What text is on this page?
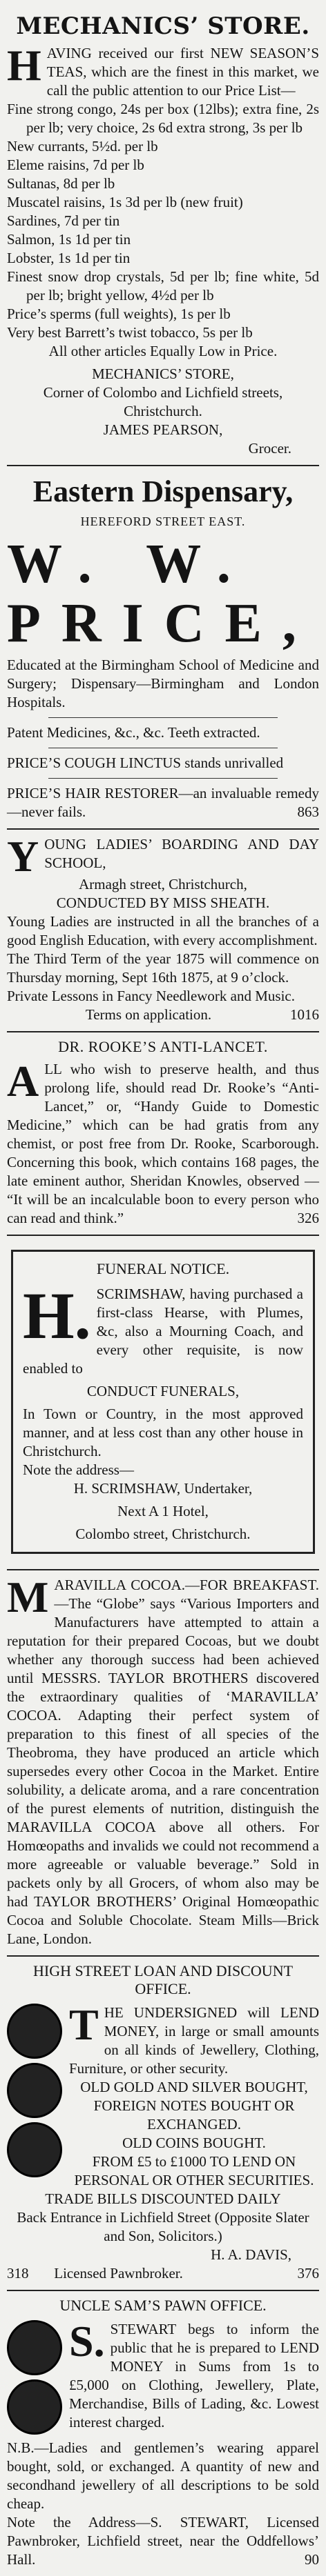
MECHANICS’ STORE.

HAVING received our first NEW SEASON’S TEAS, which are the finest in this market, we call the public attention to our Price List—

Fine strong congo, 24s per box (12lbs); extra fine, 2s per lb; very choice, 2s 6d extra strong, 3s per lb

New currants, 5½d. per lb

Eleme raisins, 7d per lb

Sultanas, 8d per lb

Muscatel raisins, 1s 3d per lb (new fruit)

Sardines, 7d per tin

Salmon, 1s 1d per tin

Lobster, 1s 1d per tin

Finest snow drop crystals, 5d per lb; fine white, 5d per lb; bright yellow, 4½d per lb

Price’s sperms (full weights), 1s per lb

Very best Barrett’s twist tobacco, 5s per lb

All other articles Equally Low in Price.

MECHANICS’ STORE,

Corner of Colombo and Lichfield streets, Christchurch.

JAMES PEARSON,

Grocer.

Eastern Dispensary,
HEREFORD STREET EAST.
W. W. PRICE,

Educated at the Birmingham School of Medicine and Surgery; Dispensary—Birmingham and London Hospitals.

Patent Medicines, &c., &c. Teeth extracted.

PRICE’S COUGH LINCTUS stands unrivalled

PRICE’S HAIR RESTORER—an invaluable remedy—never fails.	863

YOUNG LADIES’ BOARDING AND DAY SCHOOL,

Armagh street, Christchurch,

CONDUCTED BY MISS SHEATH.

Young Ladies are instructed in all the branches of a good English Education, with every accomplishment.

The Third Term of the year 1875 will commence on Thursday morning, Sept 16th 1875, at 9 o’clock.

Private Lessons in Fancy Needlework and Music.

Terms on application.	1016

DR. ROOKE’S ANTI-LANCET.

ALL who wish to preserve health, and thus prolong life, should read Dr. Rooke’s “Anti-Lancet,” or, “Handy Guide to Domestic Medicine,” which can be had gratis from any chemist, or post free from Dr. Rooke, Scarborough. Concerning this book, which contains 168 pages, the late eminent author, Sheridan Knowles, observed — “It will be an incalculable boon to every person who can read and think.”	326

FUNERAL NOTICE.

H. SCRIMSHAW, having purchased a first-class Hearse, with Plumes, &c, also a Mourning Coach, and every other requisite, is now enabled to

CONDUCT FUNERALS,

In Town or Country, in the most approved manner, and at less cost than any other house in Christchurch.

Note the address—

H. SCRIMSHAW, Undertaker,

Next A 1 Hotel,

Colombo street, Christchurch.

MARAVILLA COCOA.—FOR BREAKFAST.—The “Globe” says “Various Importers and Manufacturers have attempted to attain a reputation for their prepared Cocoas, but we doubt whether any thorough success had been achieved until MESSRS. TAYLOR BROTHERS discovered the extraordinary qualities of ‘MARAVILLA’ COCOA. Adapting their perfect system of preparation to this finest of all species of the Theobroma, they have produced an article which supersedes every other Cocoa in the Market. Entire solubility, a delicate aroma, and a rare concentration of the purest elements of nutrition, distinguish the MARAVILLA COCOA above all others. For Homœopaths and invalids we could not recommend a more agreeable or valuable beverage.” Sold in packets only by all Grocers, of whom also may be had TAYLOR BROTHERS’ Original Homœopathic Cocoa and Soluble Chocolate. Steam Mills—Brick Lane, London.

HIGH STREET LOAN AND DISCOUNT OFFICE.

THE UNDERSIGNED will LEND MONEY, in large or small amounts on all kinds of Jewellery, Clothing, Furniture, or other security.

OLD GOLD AND SILVER BOUGHT, FOREIGN NOTES BOUGHT OR EXCHANGED.

OLD COINS BOUGHT.

FROM £5 to £1000 TO LEND ON PERSONAL OR OTHER SECURITIES.

TRADE BILLS DISCOUNTED DAILY

Back Entrance in Lichfield Street (Opposite Slater and Son, Solicitors.)

H. A. DAVIS,

318 Licensed Pawnbroker.	376

UNCLE SAM’S PAWN OFFICE.

S. STEWART begs to inform the public that he is prepared to LEND MONEY in Sums from 1s to £5,000 on Clothing, Jewellery, Plate, Merchandise, Bills of Lading, &c. Lowest interest charged.

N.B.—Ladies and gentlemen’s wearing apparel bought, sold, or exchanged. A quantity of new and secondhand jewellery of all descriptions to be sold cheap.

Note the Address—S. STEWART, Licensed Pawnbroker, Lichfield street, near the Oddfellows’ Hall.	90
